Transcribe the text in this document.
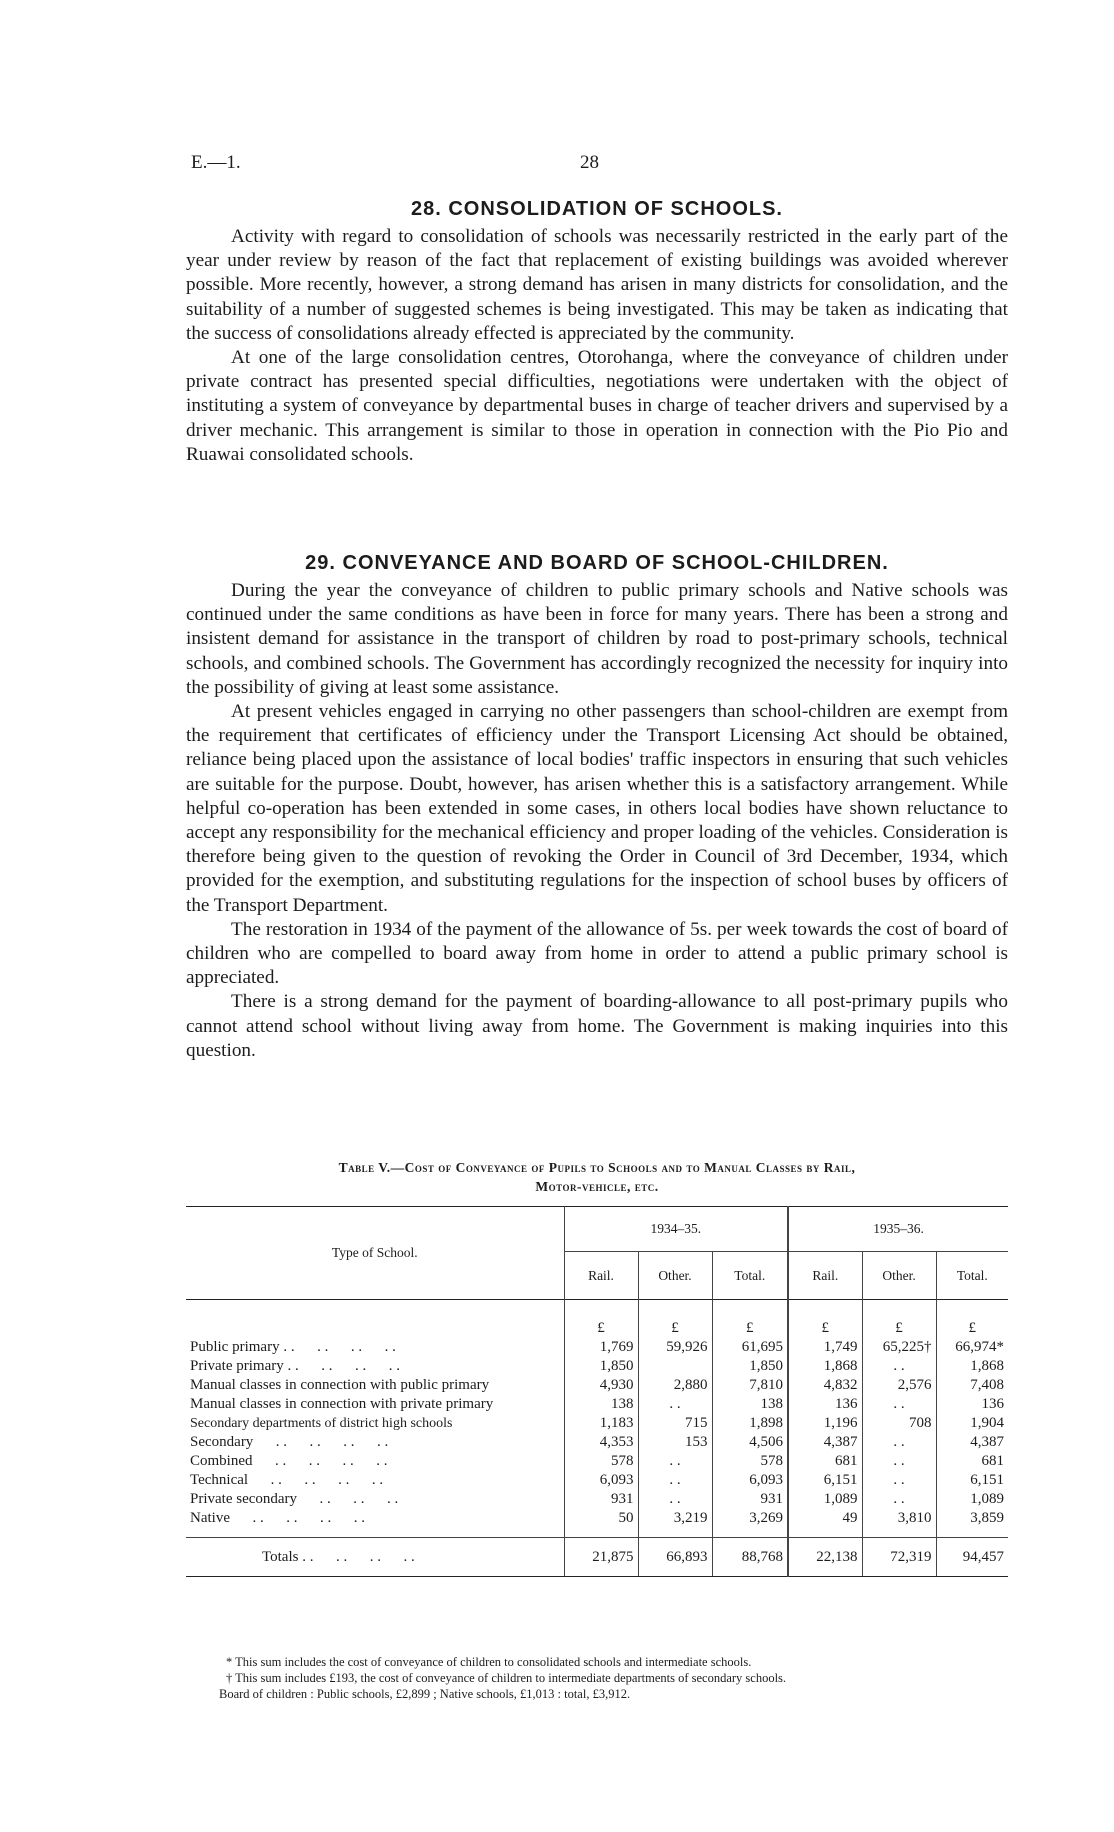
E.—1.	28
28. CONSOLIDATION OF SCHOOLS.

Activity with regard to consolidation of schools was necessarily restricted in the early part of the year under review by reason of the fact that replacement of existing buildings was avoided wherever possible. More recently, however, a strong demand has arisen in many districts for consolidation, and the suitability of a number of suggested schemes is being investigated. This may be taken as indicating that the success of consolidations already effected is appreciated by the community.

At one of the large consolidation centres, Otorohanga, where the conveyance of children under private contract has presented special difficulties, negotiations were undertaken with the object of instituting a system of conveyance by departmental buses in charge of teacher drivers and supervised by a driver mechanic. This arrangement is similar to those in operation in connection with the Pio Pio and Ruawai consolidated schools.

29. CONVEYANCE AND BOARD OF SCHOOL-CHILDREN.

During the year the conveyance of children to public primary schools and Native schools was continued under the same conditions as have been in force for many years. There has been a strong and insistent demand for assistance in the transport of children by road to post-primary schools, technical schools, and combined schools. The Government has accordingly recognized the necessity for inquiry into the possibility of giving at least some assistance.

At present vehicles engaged in carrying no other passengers than school-children are exempt from the requirement that certificates of efficiency under the Transport Licensing Act should be obtained, reliance being placed upon the assistance of local bodies' traffic inspectors in ensuring that such vehicles are suitable for the purpose. Doubt, however, has arisen whether this is a satisfactory arrangement. While helpful co-operation has been extended in some cases, in others local bodies have shown reluctance to accept any responsibility for the mechanical efficiency and proper loading of the vehicles. Consideration is therefore being given to the question of revoking the Order in Council of 3rd December, 1934, which provided for the exemption, and substituting regulations for the inspection of school buses by officers of the Transport Department.

The restoration in 1934 of the payment of the allowance of 5s. per week towards the cost of board of children who are compelled to board away from home in order to attend a public primary school is appreciated.

There is a strong demand for the payment of boarding-allowance to all post-primary pupils who cannot attend school without living away from home. The Government is making inquiries into this question.

Table V.—Cost of Conveyance of Pupils to Schools and to Manual Classes by Rail,
Motor-vehicle, etc.
Type of School.	1934–35.			1935–36.		
	Rail.	Other.	Total.	Rail.	Other.	Total.
	£	£	£	£	£	£
Public primary . .      . .      . .      . .	1,769	59,926	61,695	1,749	65,225†	66,974*
Private primary . .      . .      . .      . .	1,850		1,850	1,868	. .	1,868
Manual classes in connection with public primary	4,930	2,880	7,810	4,832	2,576	7,408
Manual classes in connection with private primary	138	. .	138	136	. .	136
Secondary departments of district high schools	1,183	715	1,898	1,196	708	1,904
Secondary      . .      . .      . .      . .	4,353	153	4,506	4,387	. .	4,387
Combined      . .      . .      . .      . .	578	. .	578	681	. .	681
Technical      . .      . .      . .      . .	6,093	. .	6,093	6,151	. .	6,151
Private secondary      . .      . .      . .	931	. .	931	1,089	. .	1,089
Native      . .      . .      . .      . .	50	3,219	3,269	49	3,810	3,859
Totals . .      . .      . .      . .	21,875	66,893	88,768	22,138	72,319	94,457
* This sum includes the cost of conveyance of children to consolidated schools and intermediate schools.
† This sum includes £193, the cost of conveyance of children to intermediate departments of secondary schools.
Board of children : Public schools, £2,899 ; Native schools, £1,013 : total, £3,912.
